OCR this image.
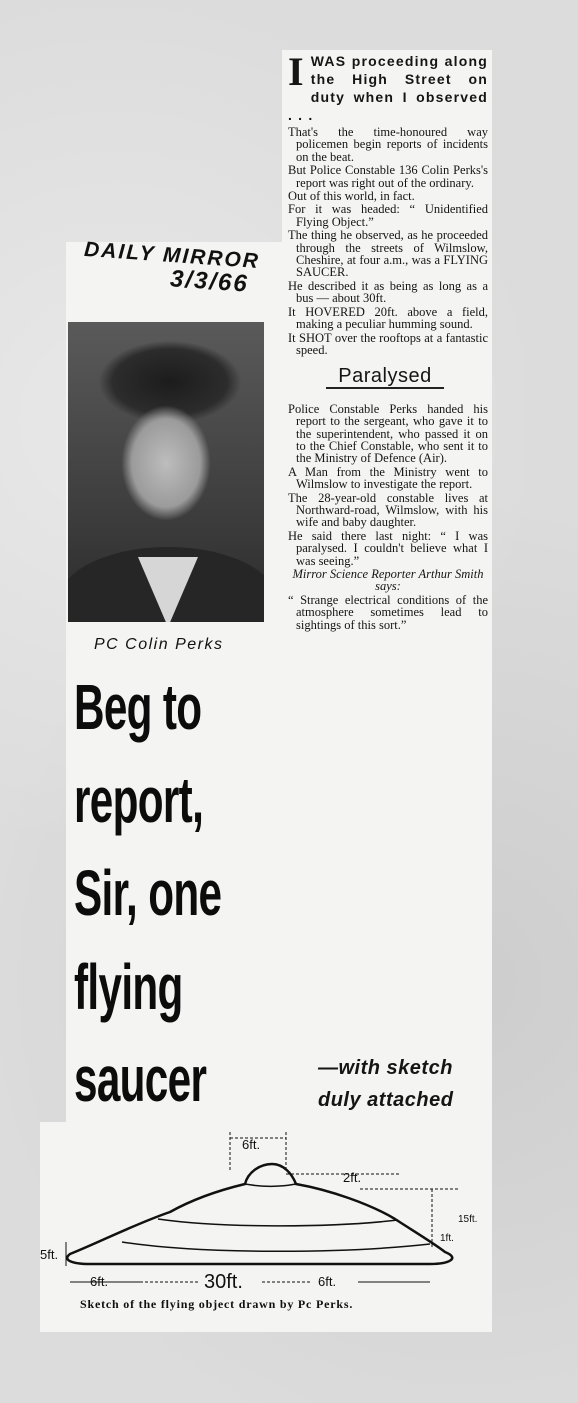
DAILY MIRROR
3/3/66
PC Colin Perks
Beg to
report,
Sir, one
flying
saucer
I WAS proceeding along the High Street on duty when I observed . . .

That's the time-honoured way policemen begin reports of incidents on the beat.

But Police Constable 136 Colin Perks's report was right out of the ordinary.

Out of this world, in fact.

For it was headed: “ Unidentified Flying Object.”

The thing he observed, as he proceeded through the streets of Wilmslow, Cheshire, at four a.m., was a FLYING SAUCER.

He described it as being as long as a bus — about 30ft.

It HOVERED 20ft. above a field, making a peculiar humming sound.

It SHOT over the rooftops at a fantastic speed.

Paralysed

Police Constable Perks handed his report to the sergeant, who gave it to the superintendent, who passed it on to the Chief Constable, who sent it to the Ministry of Defence (Air).

A Man from the Ministry went to Wilmslow to investigate the report.

The 28-year-old constable lives at Northward-road, Wilmslow, with his wife and baby daughter.

He said there last night: “ I was paralysed. I couldn't believe what I was seeing.”

Mirror Science Reporter Arthur Smith says:

“ Strange electrical conditions of the atmosphere sometimes lead to sightings of this sort.”

—with sketch
duly attached
6ft.
2ft.
15ft.
1ft.
5ft.
6ft.	30ft.	6ft.
Sketch of the flying object drawn by Pc Perks.
